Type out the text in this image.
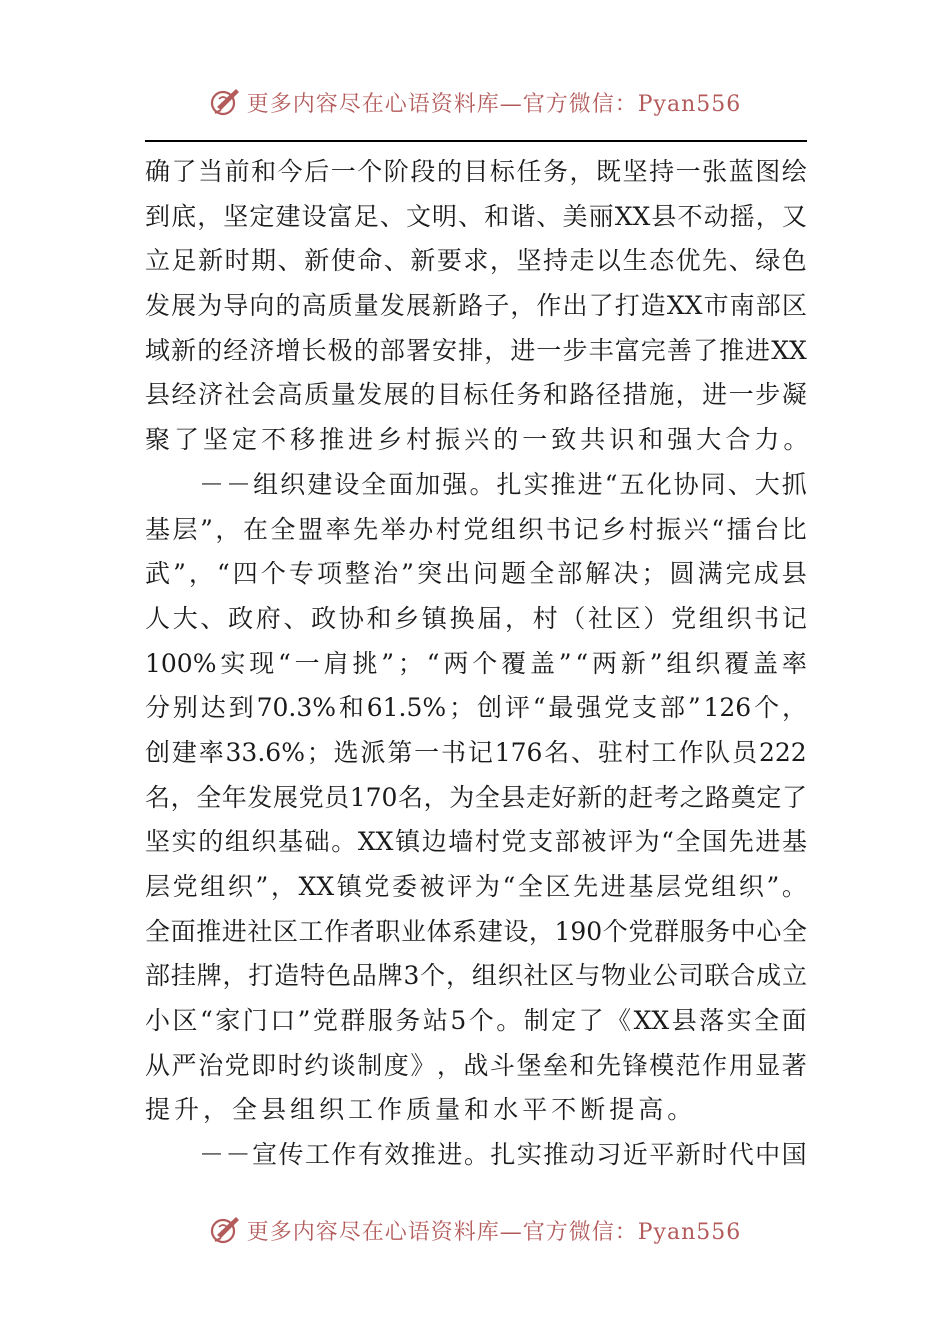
更多内容尽在心语资料库—官方微信：Pyan556
确 了 当 前 和 今 后 一 个 阶 段 的 目 标 任 务 ， 既 坚 持 一 张 蓝 图 绘
到 底 ， 坚 定 建 设 富 足 、 文 明 、 和 谐 、 美 丽 XX 县 不 动 摇 ， 又
立 足 新 时 期 、 新 使 命 、 新 要 求 ， 坚 持 走 以 生 态 优 先 、 绿 色
发 展 为 导 向 的 高 质 量 发 展 新 路 子 ， 作 出 了 打 造 XX 市 南 部 区
域 新 的 经 济 增 长 极 的 部 署 安 排 ， 进 一 步 丰 富 完 善 了 推 进 XX
县 经 济 社 会 高 质 量 发 展 的 目 标 任 务 和 路 径 措 施 ， 进 一 步 凝
聚 了 坚 定 不 移 推 进 乡 村 振 兴 的 一 致 共 识 和 强 大 合 力 。
－ － 组 织 建 设 全 面 加 强 。 扎 实 推 进 “ 五 化 协 同 、 大 抓
基 层 ” ， 在 全 盟 率 先 举 办 村 党 组 织 书 记 乡 村 振 兴 “ 擂 台 比
武 ” ， “ 四 个 专 项 整 治 ” 突 出 问 题 全 部 解 决 ； 圆 满 完 成 县
人 大 、 政 府 、 政 协 和 乡 镇 换 届 ， 村 （ 社 区 ） 党 组 织 书 记
100% 实 现 “ 一 肩 挑 ” ； “ 两 个 覆 盖 ” “ 两 新 ” 组 织 覆 盖 率
分 别 达 到 70.3% 和 61.5% ； 创 评 “ 最 强 党 支 部 ” 126 个 ，
创 建 率 33.6% ； 选 派 第 一 书 记 176 名 、 驻 村 工 作 队 员 222
名 ， 全 年 发 展 党 员 170 名 ， 为 全 县 走 好 新 的 赶 考 之 路 奠 定 了
坚 实 的 组 织 基 础 。 XX 镇 边 墙 村 党 支 部 被 评 为 “ 全 国 先 进 基
层 党 组 织 ” ， XX 镇 党 委 被 评 为 “ 全 区 先 进 基 层 党 组 织 ” 。
全 面 推 进 社 区 工 作 者 职 业 体 系 建 设 ， 190 个 党 群 服 务 中 心 全
部 挂 牌 ， 打 造 特 色 品 牌 3 个 ， 组 织 社 区 与 物 业 公 司 联 合 成 立
小 区 “ 家 门 口 ” 党 群 服 务 站 5 个 。 制 定 了 《 XX 县 落 实 全 面
从 严 治 党 即 时 约 谈 制 度 》 ， 战 斗 堡 垒 和 先 锋 模 范 作 用 显 著
提 升 ， 全 县 组 织 工 作 质 量 和 水 平 不 断 提 高 。
－ － 宣 传 工 作 有 效 推 进 。 扎 实 推 动 习 近 平 新 时 代 中 国
更多内容尽在心语资料库—官方微信：Pyan556
